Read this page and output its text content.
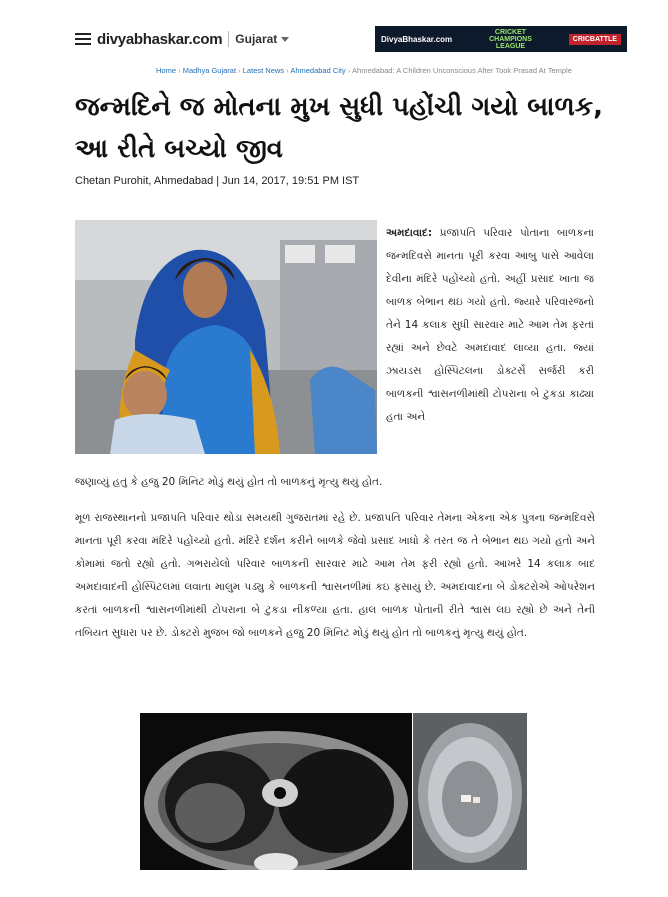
divyabhaskar.com Gujarat	DivyaBhaskar.com
CRICKET CHAMPIONS LEAGUE
CRICBATTLE
Home › Madhya Gujarat › Latest News › Ahmedabad City › Ahmedabad: A Children Unconscious After Took Prasad At Temple
જન્મદિને જ મોતના મુખ સુધી પહોંચી ગયો બાળક,
આ રીતે બચ્યો જીવ
Chetan Purohit, Ahmedabad | Jun 14, 2017, 19:51 PM IST
અમદાવાદ: પ્રજાપતિ પરિવાર પોતાના બાળકના જન્મદિવસે માનતા પૂરી કરવા આબુ પાસે આવેલા દેવીના મંદિરે પહોંચ્યો હતો. અહીં પ્રસાદ ખાતા જ બાળક બેભાન થઇ ગયો હતો. જ્યારે પરિવારજનો તેને 14 કલાક સુધી સારવાર માટે આમ તેમ ફરતાં રહ્યાં અને છેવટે અમદાવાદ લાવ્યા હતા. જ્યાં ઝાયડસ હોસ્પિટલના ડોક્ટર્સે સર્જરી કરી બાળકની શ્વાસનળીમાંથી ટોપરાના બે ટુકડા કાઢ્યા હતા અને
જણાવ્યું હતું કે હજુ 20 મિનિટ મોડું થયું હોત તો બાળકનું મૃત્યુ થયું હોત.
મૂળ રાજસ્થાનનો પ્રજાપતિ પરિવાર થોડા સમયથી ગુજરાતમાં રહે છે. પ્રજાપતિ પરિવાર તેમના એકના એક પુત્રના જન્મદિવસે માનતા પૂરી કરવા મંદિરે પહોંચ્યો હતો. મંદિરે દર્શન કરીને બાળકે જેવો પ્રસાદ ખાધો કે તરત જ તે બેભાન થઇ ગયો હતો અને કોમામાં જતો રહ્યો હતો. ગભરાયેલો પરિવાર બાળકની સારવાર માટે આમ તેમ ફરી રહ્યો હતો. આખરે 14 કલાક બાદ અમદાવાદની હોસ્પિટલમાં લવાતા માલુમ પડ્યુ કે બાળકની શ્વાસનળીમાં કઇ ફસાયું છે. અમદાવાદના બે ડોક્ટરોએ ઓપરેશન કરતાં બાળકની શ્વાસનળીમાંથી ટોપરાના બે ટુકડા નીકળ્યા હતા. હાલ બાળક પોતાની રીતે શ્વાસ લઇ રહ્યો છે અને તેની તબિયત સુધારા પર છે. ડોક્ટરો મુજબ જો બાળકને હજુ 20 મિનિટ મોડું થયું હોત તો બાળકનું મૃત્યુ થયું હોત.
